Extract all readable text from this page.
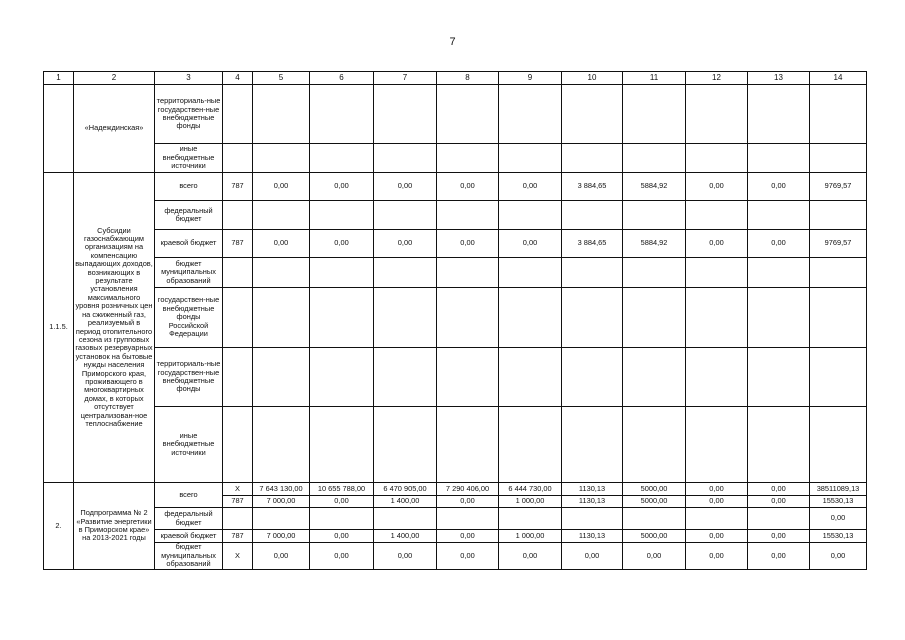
7
1	2	3	4	5	6	7	8	9	10	11	12	13	14
	«Надеждинская»	территориаль-ные государствен-ные внебюджетные фонды											
		иные внебюджетные источники											
1.1.5.	Субсидии газоснабжающим организациям на компенсацию выпадающих доходов, возникающих в результате установления максимального уровня розничных цен на сжиженный газ, реализуемый в период отопительного сезона из групповых газовых резервуарных установок на бытовые нужды населения Приморского края, проживающего в многоквартирных домах, в которых отсутствует централизован-ное теплоснабжение	всего	787	0,00	0,00	0,00	0,00	0,00	3 884,65	5884,92	0,00	0,00	9769,57
		федеральный бюджет											
		краевой бюджет	787	0,00	0,00	0,00	0,00	0,00	3 884,65	5884,92	0,00	0,00	9769,57
		бюджет муниципальных образований											
		государствен-ные внебюджетные фонды Российской Федерации											
		территориаль-ные государствен-ные внебюджетные фонды											
		иные внебюджетные источники											
2.	Подпрограмма № 2 «Развитие энергетики в Приморском крае» на 2013-2021 годы	всего	X	7 643 130,00	10 655 788,00	6 470 905,00	7 290 406,00	6 444 730,00	1130,13	5000,00	0,00	0,00	38511089,13
			787	7 000,00	0,00	1 400,00	0,00	1 000,00	1130,13	5000,00	0,00	0,00	15530,13
		федеральный бюджет											0,00
		краевой бюджет	787	7 000,00	0,00	1 400,00	0,00	1 000,00	1130,13	5000,00	0,00	0,00	15530,13
		бюджет муниципальных образований	X	0,00	0,00	0,00	0,00	0,00	0,00	0,00	0,00	0,00	0,00
